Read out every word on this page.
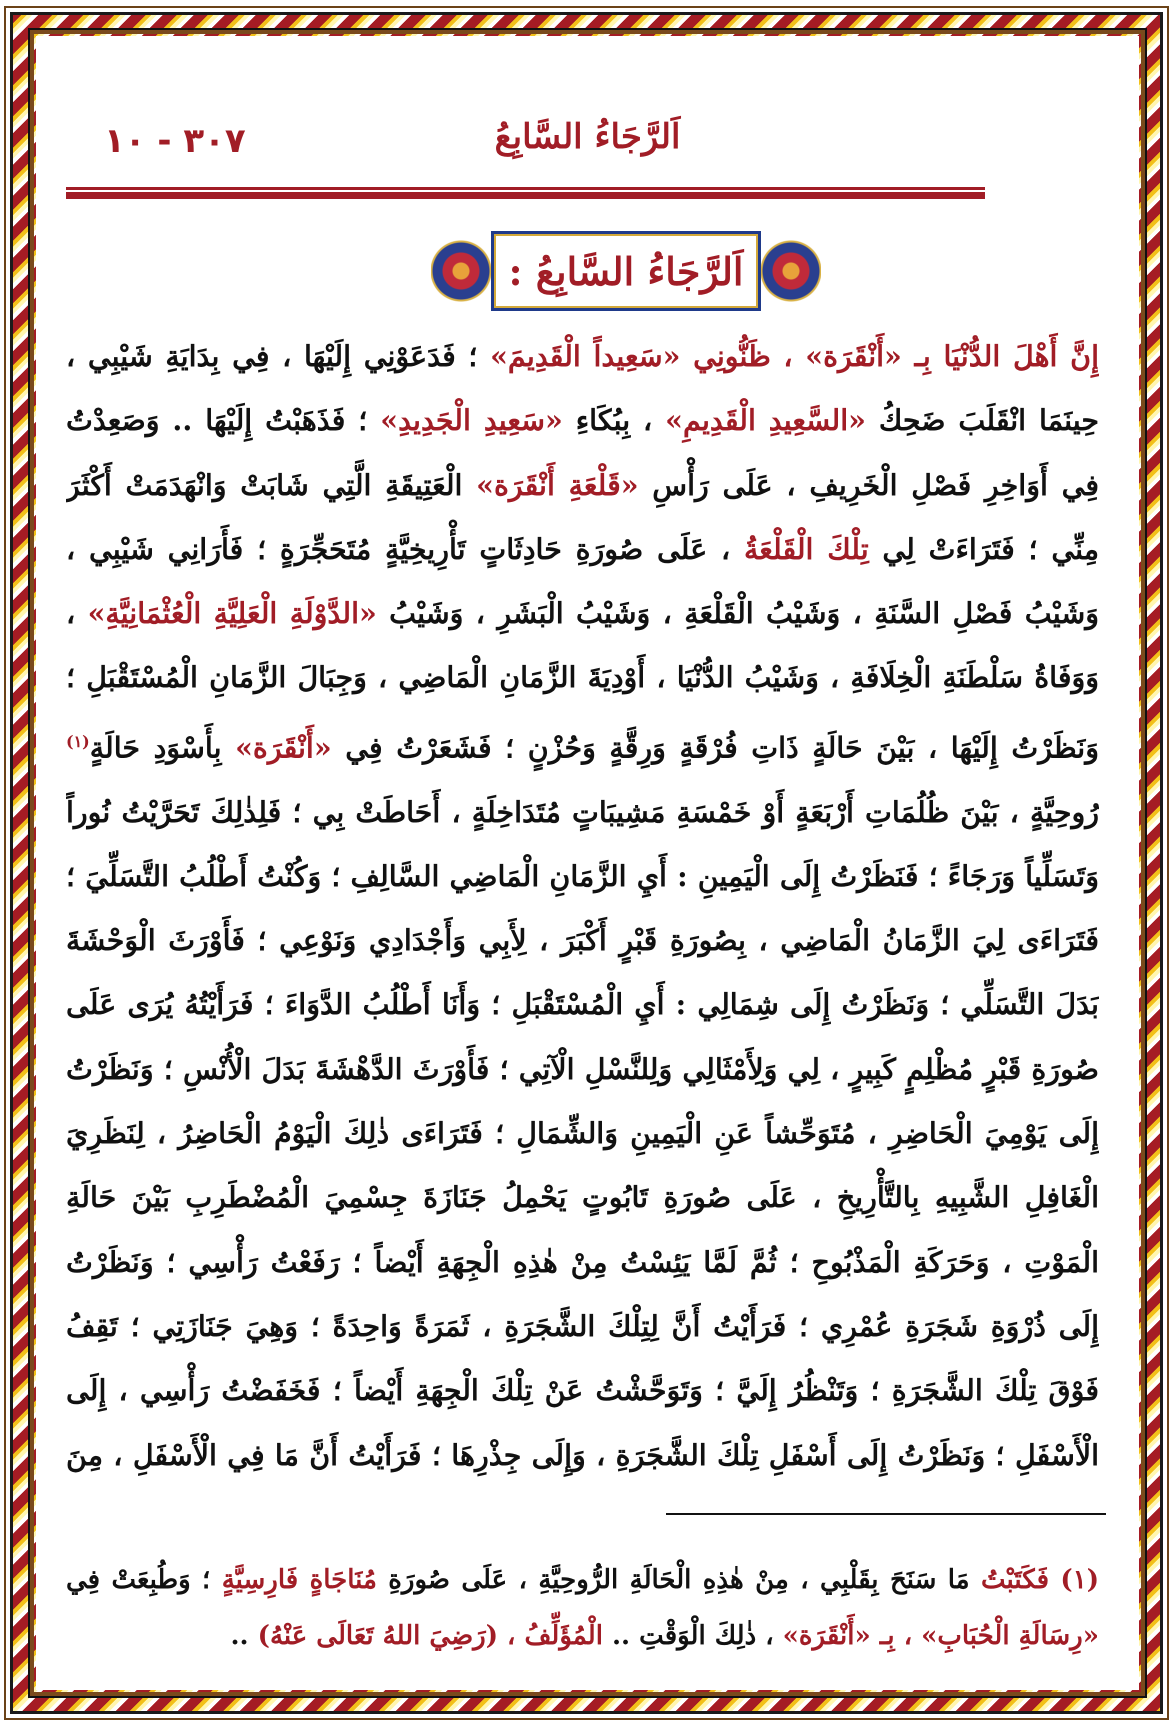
٣٠٧ - ١٠	اَلرَّجَاءُ السَّابِعُ
اَلرَّجَاءُ السَّابِعُ :
إِنَّ أَهْلَ الدُّنْيَا بِـ «أَنْقَرَة» ، ظَنُّونِي «سَعِيداً الْقَدِيمَ» ؛ فَدَعَوْنِي إِلَيْهَا ، فِي بِدَايَةِ شَيْبِي ،
حِينَمَا انْقَلَبَ ضَحِكُ «السَّعِيدِ الْقَدِيمِ» ، بِبُكَاءِ «سَعِيدِ الْجَدِيدِ» ؛ فَذَهَبْتُ إِلَيْهَا .. وَصَعِدْتُ
فِي أَوَاخِرِ فَصْلِ الْخَرِيفِ ، عَلَى رَأْسِ «قَلْعَةِ أَنْقَرَة» الْعَتِيقَةِ الَّتِي شَابَتْ وَانْهَدَمَتْ أَكْثَرَ
مِنِّي ؛ فَتَرَاءَتْ لِي تِلْكَ الْقَلْعَةُ ، عَلَى صُورَةِ حَادِثَاتٍ تَأْرِيخِيَّةٍ مُتَحَجِّرَةٍ ؛ فَأَرَانِي شَيْبِي ،
وَشَيْبُ فَصْلِ السَّنَةِ ، وَشَيْبُ الْقَلْعَةِ ، وَشَيْبُ الْبَشَرِ ، وَشَيْبُ «الدَّوْلَةِ الْعَلِيَّةِ الْعُثْمَانِيَّةِ» ،
وَوَفَاةُ سَلْطَنَةِ الْخِلَافَةِ ، وَشَيْبُ الدُّنْيَا ، أَوْدِيَةَ الزَّمَانِ الْمَاضِي ، وَجِبَالَ الزَّمَانِ الْمُسْتَقْبَلِ ؛
وَنَظَرْتُ إِلَيْهَا ، بَيْنَ حَالَةٍ ذَاتِ فُرْقَةٍ وَرِقَّةٍ وَحُزْنٍ ؛ فَشَعَرْتُ فِي «أَنْقَرَة» بِأَسْوَدِ حَالَةٍ$^{(١)}$
رُوحِيَّةٍ ، بَيْنَ ظُلُمَاتِ أَرْبَعَةٍ أَوْ خَمْسَةِ مَشِيبَاتٍ مُتَدَاخِلَةٍ ، أَحَاطَتْ بِي ؛ فَلِذٰلِكَ تَحَرَّيْتُ نُوراً
وَتَسَلِّياً وَرَجَاءً ؛ فَنَظَرْتُ إِلَى الْيَمِينِ : أَيِ الزَّمَانِ الْمَاضِي السَّالِفِ ؛ وَكُنْتُ أَطْلُبُ التَّسَلِّيَ ؛
فَتَرَاءَى لِيَ الزَّمَانُ الْمَاضِي ، بِصُورَةِ قَبْرٍ أَكْبَرَ ، لِأَبِي وَأَجْدَادِي وَنَوْعِي ؛ فَأَوْرَثَ الْوَحْشَةَ
بَدَلَ التَّسَلِّي ؛ وَنَظَرْتُ إِلَى شِمَالِي : أَيِ الْمُسْتَقْبَلِ ؛ وَأَنَا أَطْلُبُ الدَّوَاءَ ؛ فَرَأَيْتُهُ يُرَى عَلَى
صُورَةِ قَبْرٍ مُظْلِمٍ كَبِيرٍ ، لِي وَلِأَمْثَالِي وَلِلنَّسْلِ الْآتِي ؛ فَأَوْرَثَ الدَّهْشَةَ بَدَلَ الْأُنْسِ ؛ وَنَظَرْتُ
إِلَى يَوْمِيَ الْحَاضِرِ ، مُتَوَحِّشاً عَنِ الْيَمِينِ وَالشِّمَالِ ؛ فَتَرَاءَى ذٰلِكَ الْيَوْمُ الْحَاضِرُ ، لِنَظَرِيَ
الْغَافِلِ الشَّبِيهِ بِالتَّأْرِيخِ ، عَلَى صُورَةِ تَابُوتٍ يَحْمِلُ جَنَازَةَ جِسْمِيَ الْمُضْطَرِبِ بَيْنَ حَالَةِ
الْمَوْتِ ، وَحَرَكَةِ الْمَذْبُوحِ ؛ ثُمَّ لَمَّا يَئِسْتُ مِنْ هٰذِهِ الْجِهَةِ أَيْضاً ؛ رَفَعْتُ رَأْسِي ؛ وَنَظَرْتُ
إِلَى ذُرْوَةِ شَجَرَةِ عُمْرِي ؛ فَرَأَيْتُ أَنَّ لِتِلْكَ الشَّجَرَةِ ، ثَمَرَةً وَاحِدَةً ؛ وَهِيَ جَنَازَتِي ؛ تَقِفُ
فَوْقَ تِلْكَ الشَّجَرَةِ ؛ وَتَنْظُرُ إِلَيَّ ؛ وَتَوَحَّشْتُ عَنْ تِلْكَ الْجِهَةِ أَيْضاً ؛ فَخَفَضْتُ رَأْسِي ، إِلَى
الْأَسْفَلِ ؛ وَنَظَرْتُ إِلَى أَسْفَلِ تِلْكَ الشَّجَرَةِ ، وَإِلَى جِذْرِهَا ؛ فَرَأَيْتُ أَنَّ مَا فِي الْأَسْفَلِ ، مِنَ
(١) فَكَتَبْتُ مَا سَنَحَ بِقَلْبِي ، مِنْ هٰذِهِ الْحَالَةِ الرُّوحِيَّةِ ، عَلَى صُورَةِ مُنَاجَاةٍ فَارِسِيَّةٍ ؛ وَطُبِعَتْ فِي
«رِسَالَةِ الْحُبَابِ» ، بِـ «أَنْقَرَة» ، ذٰلِكَ الْوَقْتِ .. الْمُؤَلِّفُ ، (رَضِيَ اللهُ تَعَالَى عَنْهُ) ..
